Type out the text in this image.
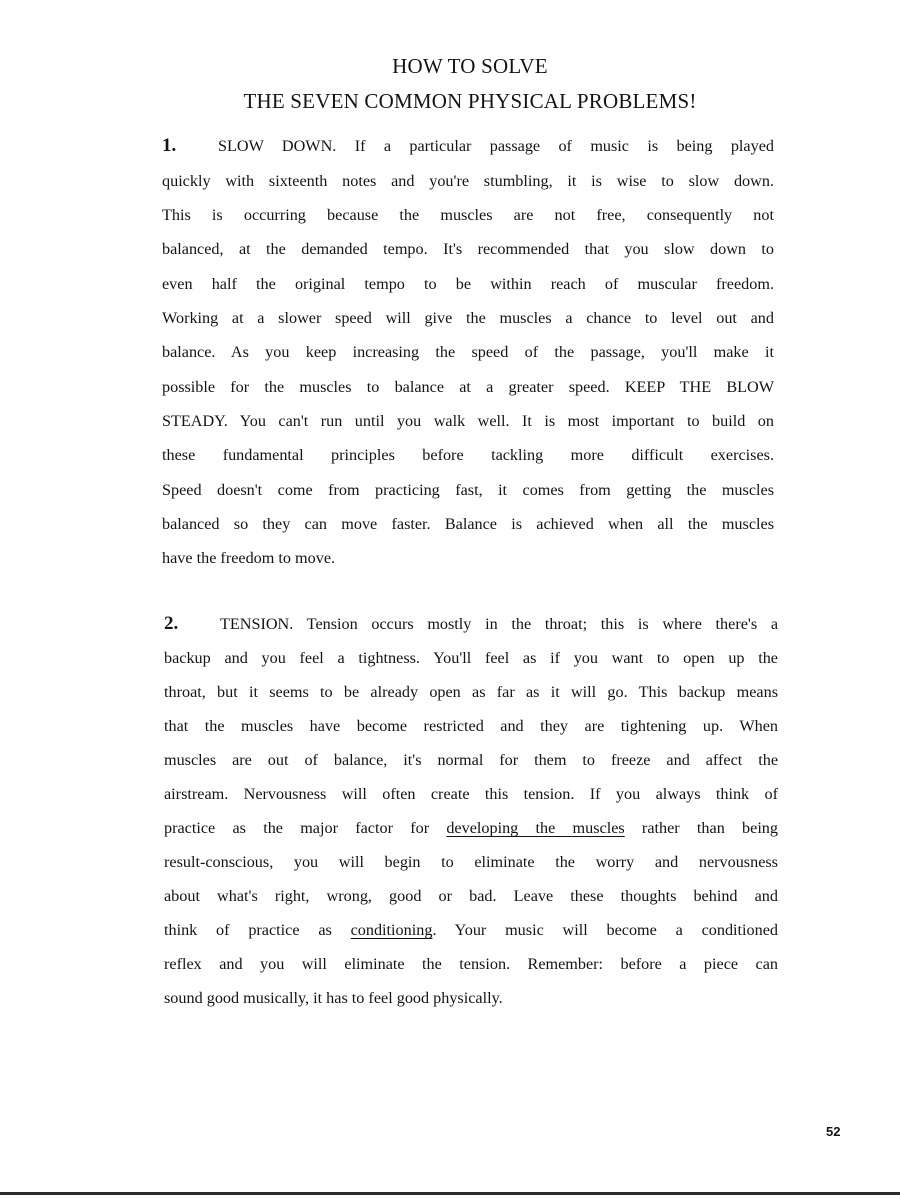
HOW TO SOLVE
THE SEVEN COMMON PHYSICAL PROBLEMS!
1.	SLOW DOWN. If a particular passage of music is being played
quickly with sixteenth notes and you're stumbling, it is wise to slow down.
This is occurring because the muscles are not free, consequently not
balanced, at the demanded tempo. It's recommended that you slow down to
even half the original tempo to be within reach of muscular freedom.
Working at a slower speed will give the muscles a chance to level out and
balance. As you keep increasing the speed of the passage, you'll make it
possible for the muscles to balance at a greater speed. KEEP THE BLOW
STEADY. You can't run until you walk well. It is most important to build on
these fundamental principles before tackling more difficult exercises.
Speed doesn't come from practicing fast, it comes from getting the muscles
balanced so they can move faster. Balance is achieved when all the muscles
have the freedom to move.
2.	TENSION. Tension occurs mostly in the throat; this is where there's a
backup and you feel a tightness. You'll feel as if you want to open up the
throat, but it seems to be already open as far as it will go. This backup means
that the muscles have become restricted and they are tightening up. When
muscles are out of balance, it's normal for them to freeze and affect the
airstream. Nervousness will often create this tension. If you always think of
practice as the major factor for developing the muscles rather than being
result-conscious, you will begin to eliminate the worry and nervousness
about what's right, wrong, good or bad. Leave these thoughts behind and
think of practice as conditioning. Your music will become a conditioned
reflex and you will eliminate the tension. Remember: before a piece can
sound good musically, it has to feel good physically.
52
